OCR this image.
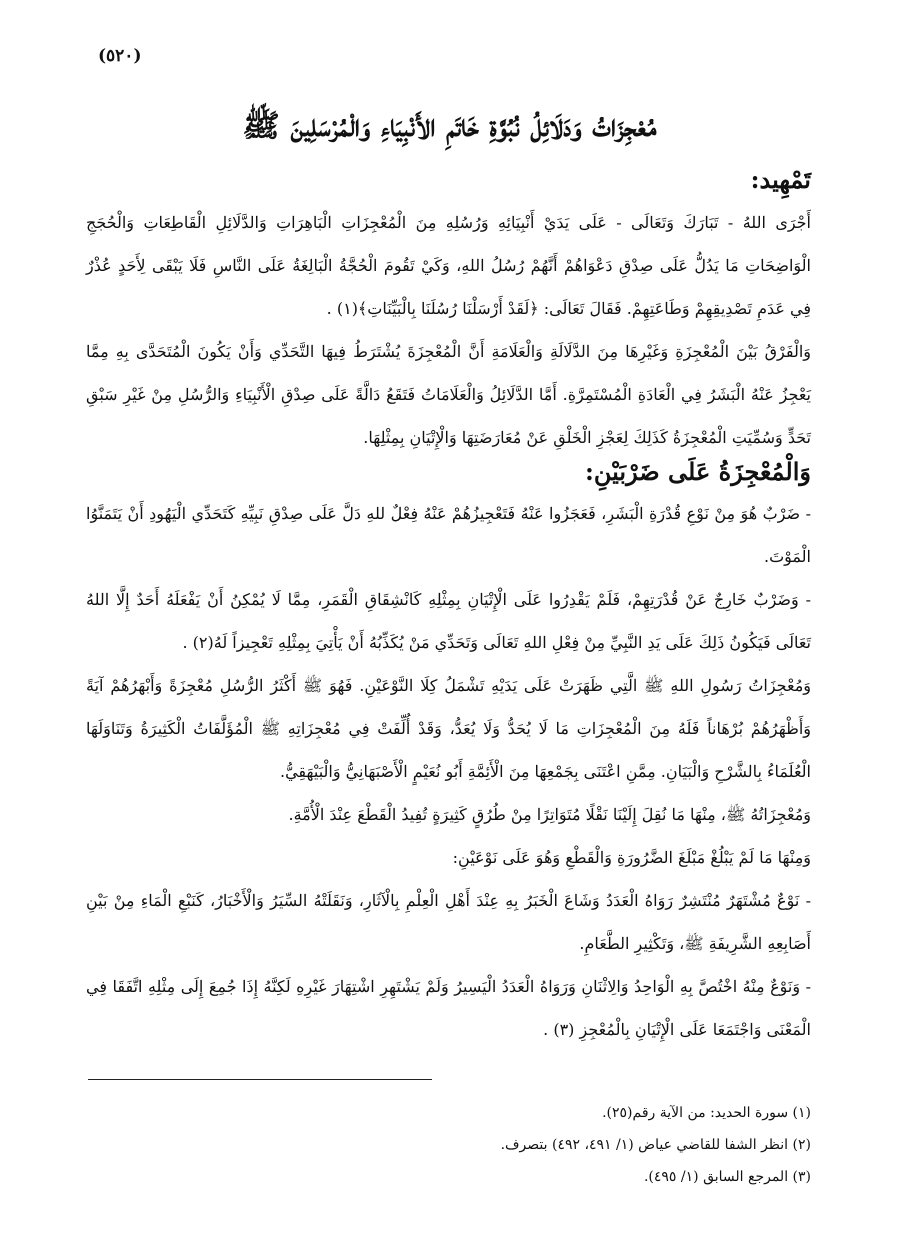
(٥٢٠)
مُعْجِزَاتُ وَدَلَائِلُ نُبُوَّةِ خَاتَمِ الأَنْبِيَاءِ وَالْمُرْسَلِينَ ﷺ
تَمْهِيد:

أَجْرَى اللهُ - تَبَارَكَ وَتَعَالَى - عَلَى يَدَيْ أَنْبِيَائِهِ وَرُسُلِهِ مِنَ الْمُعْجِزَاتِ الْبَاهِرَاتِ وَالدَّلَائِلِ الْقَاطِعَاتِ وَالْحُجَجِ الْوَاضِحَاتِ مَا يَدُلُّ عَلَى صِدْقِ دَعْوَاهُمْ أَنَّهُمْ رُسُلُ اللهِ، وَكَيْ تَقُومَ الْحُجَّةُ الْبَالِغَةُ عَلَى النَّاسِ فَلَا يَبْقَى لِأَحَدٍ عُذْرٌ فِي عَدَمِ تَصْدِيقِهِمْ وَطَاعَتِهِمْ. فَقَالَ تَعَالَى: ﴿لَقَدْ أَرْسَلْنَا رُسُلَنَا بِالْبَيِّنَاتِ﴾(١) .

وَالْفَرْقُ بَيْنَ الْمُعْجِزَةِ وَغَيْرِهَا مِنَ الدَّلَالَةِ وَالْعَلَامَةِ أَنَّ الْمُعْجِزَةَ يُشْتَرَطُ فِيهَا التَّحَدِّي وَأَنْ يَكُونَ الْمُتَحَدَّى بِهِ مِمَّا يَعْجِزُ عَنْهُ الْبَشَرُ فِي الْعَادَةِ الْمُسْتَمِرَّةِ. أَمَّا الدَّلَائِلُ وَالْعَلَامَاتُ فَتَقَعُ دَالَّةً عَلَى صِدْقِ الْأَنْبِيَاءِ وَالرُّسُلِ مِنْ غَيْرِ سَبْقِ تَحَدٍّ وَسُمِّيَتِ الْمُعْجِزَةُ كَذَلِكَ لِعَجْزِ الْخَلْقِ عَنْ مُعَارَضَتِهَا وَالْإِتْيَانِ بِمِثْلِهَا.

وَالْمُعْجِزَةُ عَلَى ضَرْبَيْنِ:

- ضَرْبٌ هُوَ مِنْ نَوْعِ قُدْرَةِ الْبَشَرِ، فَعَجَزُوا عَنْهُ فَتَعْجِيزُهُمْ عَنْهُ فِعْلٌ للهِ دَلَّ عَلَى صِدْقِ نَبِيِّهِ كَتَحَدِّي الْيَهُودِ أَنْ يَتَمَنَّوُا الْمَوْتَ.

- وَضَرْبٌ خَارِجٌ عَنْ قُدْرَتِهِمْ، فَلَمْ يَقْدِرُوا عَلَى الْإِتْيَانِ بِمِثْلِهِ كَانْشِقَاقِ الْقَمَرِ، مِمَّا لَا يُمْكِنُ أَنْ يَفْعَلَهُ أَحَدٌ إِلَّا اللهُ تَعَالَى فَيَكُونُ ذَلِكَ عَلَى يَدِ النَّبِيِّ مِنْ فِعْلِ اللهِ تَعَالَى وَتَحَدِّي مَنْ يُكَذِّبُهُ أَنْ يَأْتِيَ بِمِثْلِهِ تَعْجِيزاً لَهُ(٢) .

وَمُعْجِزَاتُ رَسُولِ اللهِ ﷺ الَّتِي ظَهَرَتْ عَلَى يَدَيْهِ تَشْمَلُ كِلَا النَّوْعَيْنِ. فَهُوَ ﷺ أَكْثَرُ الرُّسُلِ مُعْجِزَةً وَأَبْهَرُهُمْ آيَةً وَأَظْهَرُهُمْ بُرْهَاناً فَلَهُ مِنَ الْمُعْجِزَاتِ مَا لَا يُحَدُّ وَلَا يُعَدُّ، وَقَدْ أُلِّفَتْ فِي مُعْجِزَاتِهِ ﷺ الْمُؤَلَّفَاتُ الْكَثِيرَةُ وَتَنَاوَلَهَا الْعُلَمَاءُ بِالشَّرْحِ وَالْبَيَانِ. مِمَّنِ اعْتَنَى بِجَمْعِهَا مِنَ الْأَئِمَّةِ أَبُو نُعَيْمٍ الْأَصْبَهَانِيُّ وَالْبَيْهَقِيُّ.

وَمُعْجِزَاتُهُ ﷺ، مِنْهَا مَا نُقِلَ إِلَيْنَا نَقْلًا مُتَوَاتِرًا مِنْ طُرُقٍ كَثِيرَةٍ تُفِيدُ الْقَطْعَ عِنْدَ الْأُمَّةِ.

وَمِنْهَا مَا لَمْ يَبْلُغْ مَبْلَغَ الضَّرُورَةِ وَالْقَطْعِ وَهُوَ عَلَى نَوْعَيْنِ:

- نَوْعٌ مُشْتَهَرٌ مُنْتَشِرٌ رَوَاهُ الْعَدَدُ وَشَاعَ الْخَبَرُ بِهِ عِنْدَ أَهْلِ الْعِلْمِ بِالْآثَارِ، وَنَقَلَتْهُ السِّيَرُ وَالْأَخْبَارُ، كَنَبْعِ الْمَاءِ مِنْ بَيْنِ أَصَابِعِهِ الشَّرِيفَةِ ﷺ، وَتَكْثِيرِ الطَّعَامِ.

- وَنَوْعٌ مِنْهُ اخْتُصَّ بِهِ الْوَاحِدُ وَالِاثْنَانِ وَرَوَاهُ الْعَدَدُ الْيَسِيرُ وَلَمْ يَشْتَهِرِ اشْتِهَارَ غَيْرِهِ لَكِنَّهُ إِذَا جُمِعَ إِلَى مِثْلِهِ اتَّفَقَا فِي الْمَعْنَى وَاجْتَمَعَا عَلَى الْإِتْيَانِ بِالْمُعْجِزِ (٣) .

(١) سورة الحديد: من الآية رقم(٢٥).

(٢) انظر الشفا للقاضي عياض (١/ ٤٩١، ٤٩٢) بتصرف.

(٣) المرجع السابق (١/ ٤٩٥).
